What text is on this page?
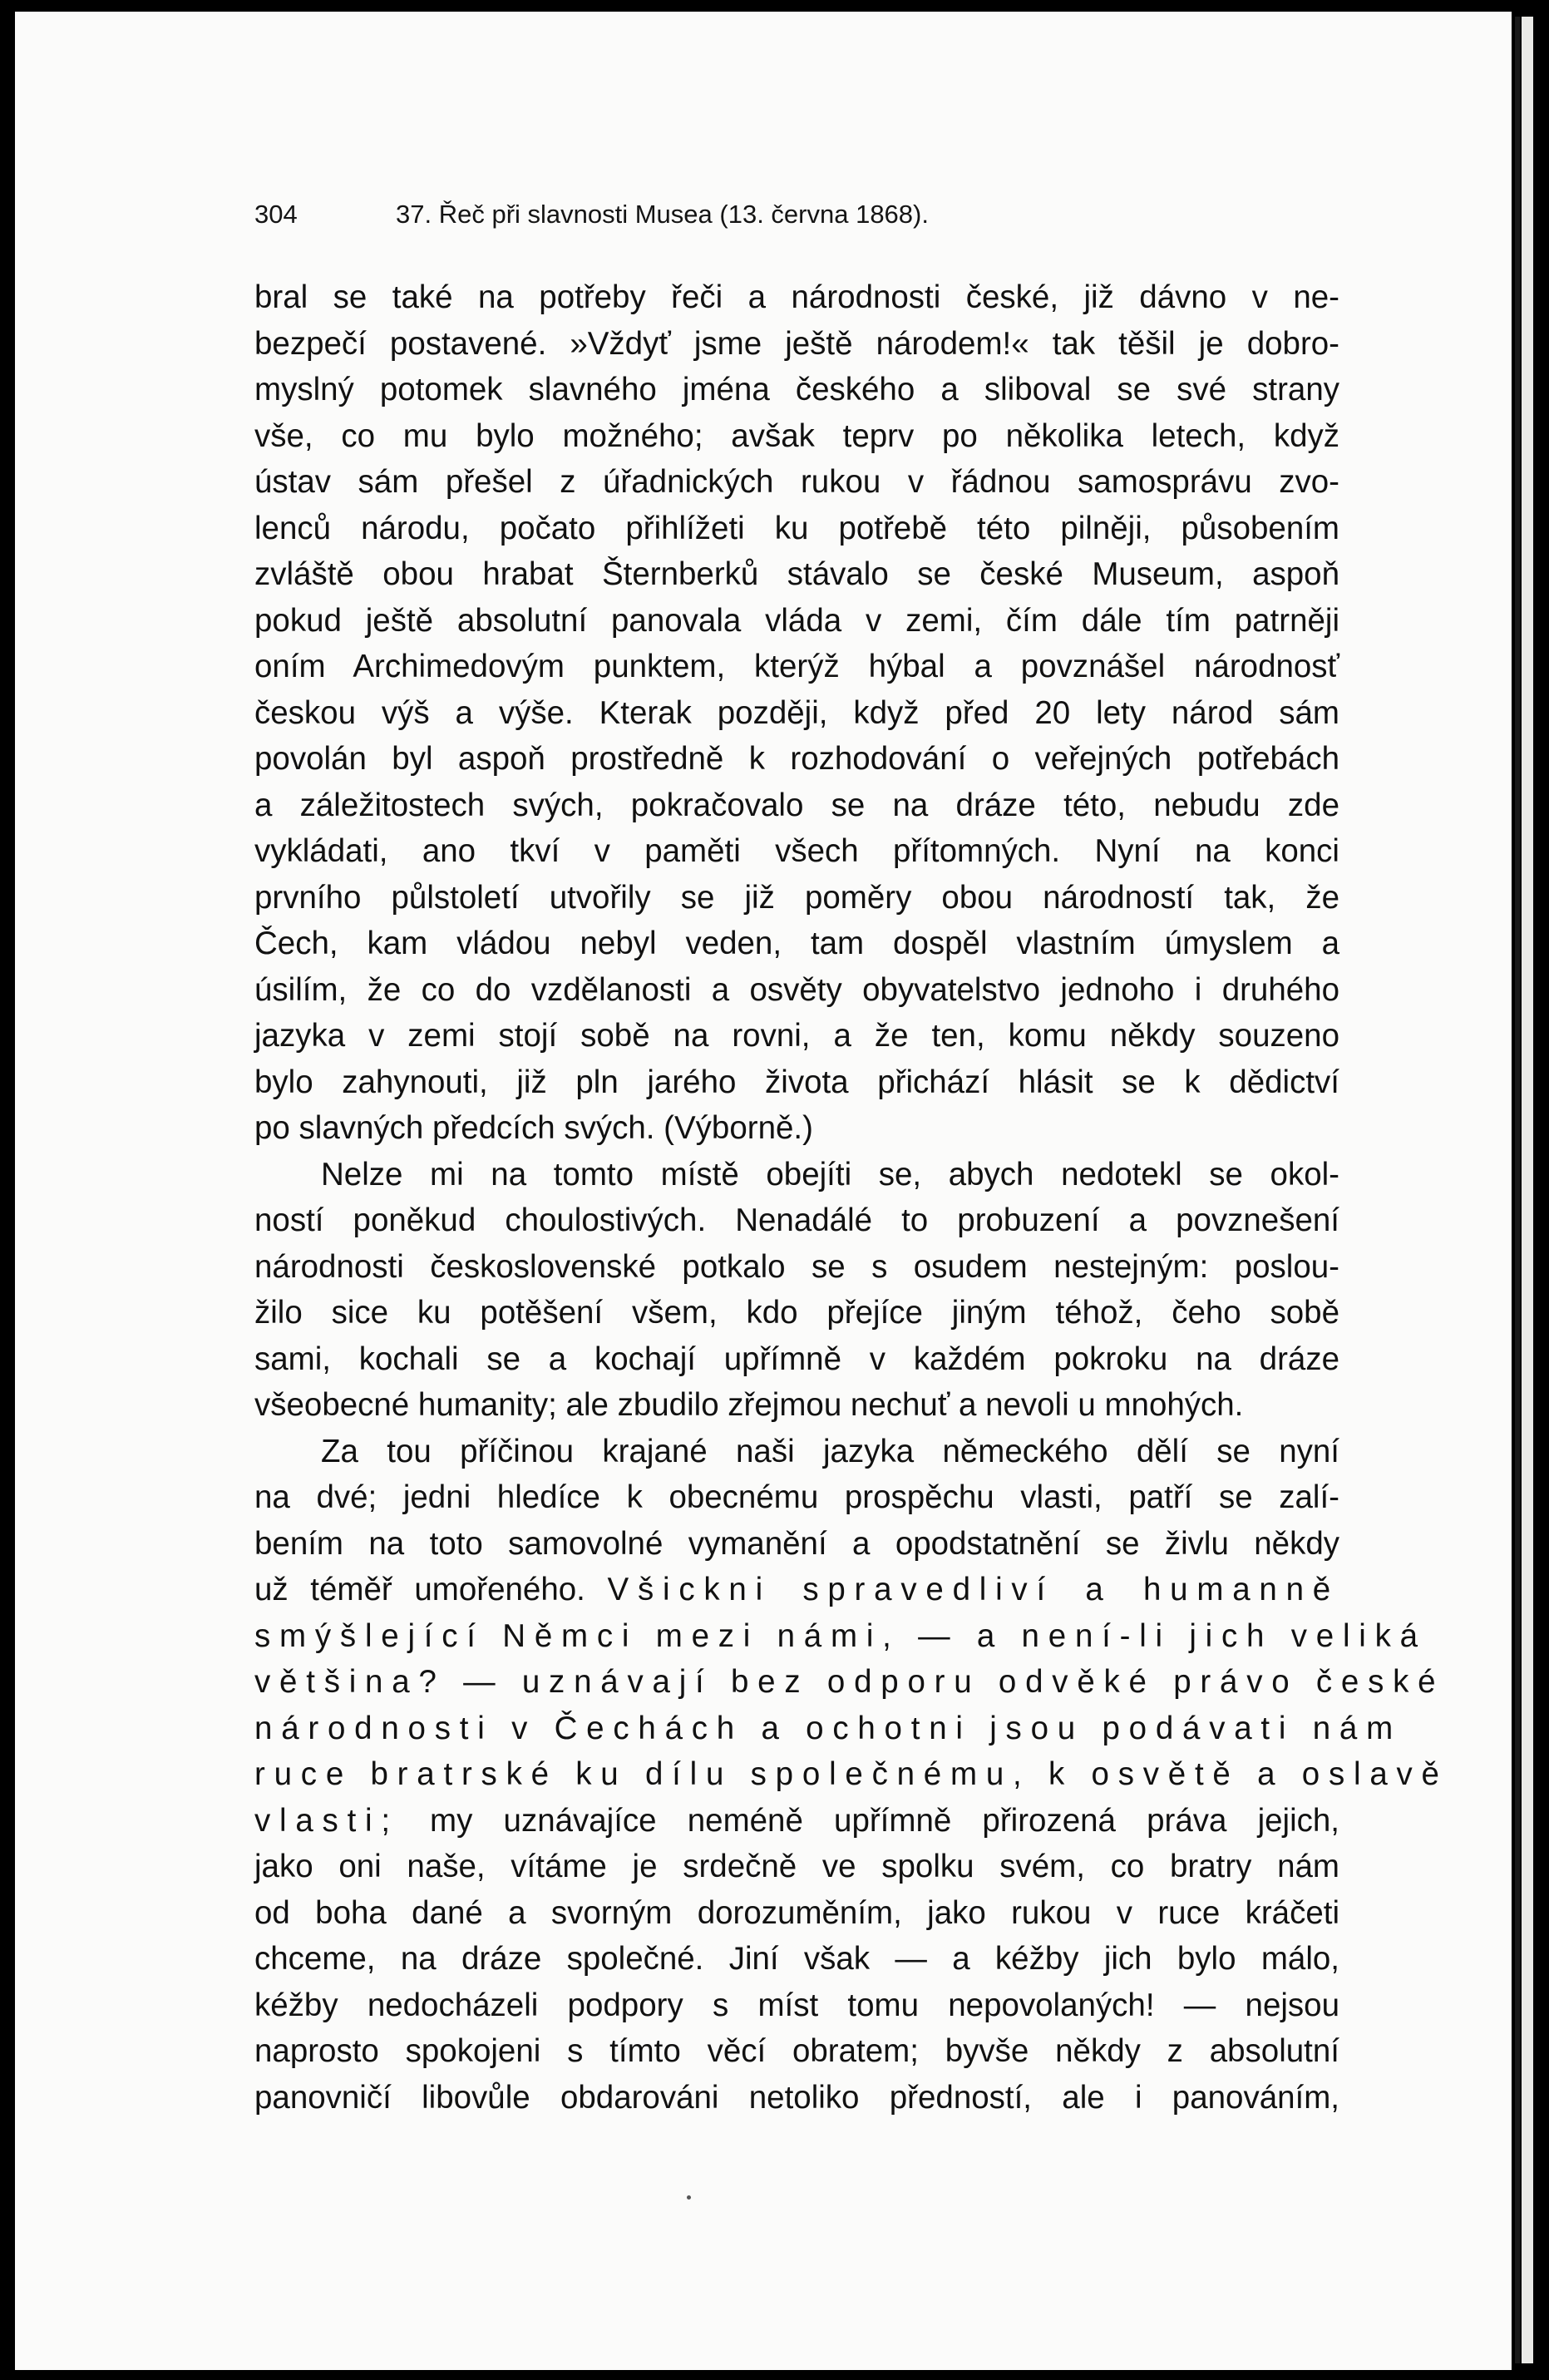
304	37. Řeč při slavnosti Musea (13. června 1868).
bral se také na potřeby řeči a národnosti české, již dávno v ne-
bezpečí postavené. »Vždyť jsme ještě národem!« tak těšil je dobro-
myslný potomek slavného jména českého a sliboval se své strany
vše, co mu bylo možného; avšak teprv po několika letech, když
ústav sám přešel z úřadnických rukou v řádnou samosprávu zvo-
lenců národu, počato přihlížeti ku potřebě této pilněji, působením
zvláště obou hrabat Šternberků stávalo se české Museum, aspoň
pokud ještě absolutní panovala vláda v zemi, čím dále tím patrněji
oním Archimedovým punktem, kterýž hýbal a povznášel národnosť
českou výš a výše. Kterak později, když před 20 lety národ sám
povolán byl aspoň prostředně k rozhodování o veřejných potřebách
a záležitostech svých, pokračovalo se na dráze této, nebudu zde
vykládati, ano tkví v paměti všech přítomných. Nyní na konci
prvního půlstoletí utvořily se již poměry obou národností tak, že
Čech, kam vládou nebyl veden, tam dospěl vlastním úmyslem a
úsilím, že co do vzdělanosti a osvěty obyvatelstvo jednoho i druhého
jazyka v zemi stojí sobě na rovni, a že ten, komu někdy souzeno
bylo zahynouti, již pln jarého života přichází hlásit se k dědictví
po slavných předcích svých. (Výborně.)
Nelze mi na tomto místě obejíti se, abych nedotekl se okol-
ností poněkud choulostivých. Nenadálé to probuzení a povznešení
národnosti československé potkalo se s osudem nestejným: poslou-
žilo sice ku potěšení všem, kdo přejíce jiným téhož, čeho sobě
sami, kochali se a kochají upřímně v každém pokroku na dráze
všeobecné humanity; ale zbudilo zřejmou nechuť a nevoli u mnohých.
Za tou příčinou krajané naši jazyka německého dělí se nyní
na dvé; jedni hledíce k obecnému prospěchu vlasti, patří se zalí-
bením na toto samovolné vymanění a opodstatnění se živlu někdy
už téměř umořeného. Všickni spravedliví a humanně
smýšlející Němci mezi námi, — a není-li jich veliká
většina? — uznávají bez odporu odvěké právo české
národnosti v Čechách a ochotni jsou podávati nám
ruce bratrské ku dílu společnému, k osvětě a oslavě
vlasti; my uznávajíce neméně upřímně přirozená práva jejich,
jako oni naše, vítáme je srdečně ve spolku svém, co bratry nám
od boha dané a svorným dorozuměním, jako rukou v ruce kráčeti
chceme, na dráze společné. Jiní však — a kéžby jich bylo málo,
kéžby nedocházeli podpory s míst tomu nepovolaných! — nejsou
naprosto spokojeni s tímto věcí obratem; byvše někdy z absolutní
panovničí libovůle obdarováni netoliko předností, ale i panováním,
